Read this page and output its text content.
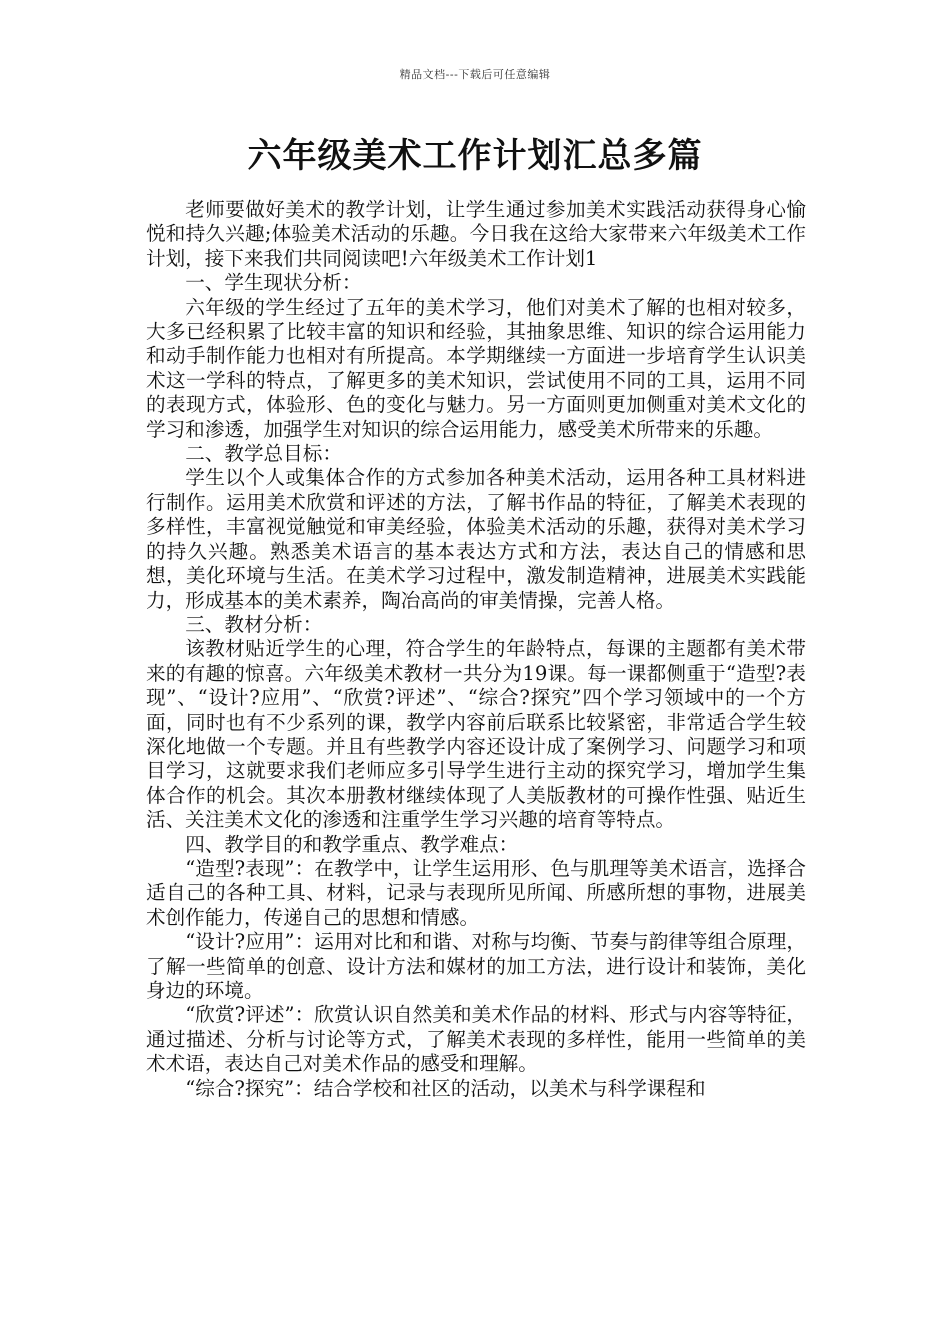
精品文档---下载后可任意编辑
六年级美术工作计划汇总多篇

老师要做好美术的教学计划，让学生通过参加美术实践活动获得身心愉悦和持久兴趣;体验美术活动的乐趣。今日我在这给大家带来六年级美术工作计划，接下来我们共同阅读吧!六年级美术工作计划1

一、学生现状分析：

六年级的学生经过了五年的美术学习，他们对美术了解的也相对较多，大多已经积累了比较丰富的知识和经验，其抽象思维、知识的综合运用能力和动手制作能力也相对有所提高。本学期继续一方面进一步培育学生认识美术这一学科的特点，了解更多的美术知识，尝试使用不同的工具，运用不同的表现方式，体验形、色的变化与魅力。另一方面则更加侧重对美术文化的学习和渗透，加强学生对知识的综合运用能力，感受美术所带来的乐趣。

二、教学总目标：

学生以个人或集体合作的方式参加各种美术活动，运用各种工具材料进行制作。运用美术欣赏和评述的方法，了解书作品的特征，了解美术表现的多样性，丰富视觉触觉和审美经验，体验美术活动的乐趣，获得对美术学习的持久兴趣。熟悉美术语言的基本表达方式和方法，表达自己的情感和思想，美化环境与生活。在美术学习过程中，激发制造精神，进展美术实践能力，形成基本的美术素养，陶冶高尚的审美情操，完善人格。

三、教材分析：

该教材贴近学生的心理，符合学生的年龄特点，每课的主题都有美术带来的有趣的惊喜。六年级美术教材一共分为19课。每一课都侧重于“造型?表现”、“设计?应用”、“欣赏?评述”、“综合?探究”四个学习领域中的一个方面，同时也有不少系列的课，教学内容前后联系比较紧密，非常适合学生较深化地做一个专题。并且有些教学内容还设计成了案例学习、问题学习和项目学习，这就要求我们老师应多引导学生进行主动的探究学习，增加学生集体合作的机会。其次本册教材继续体现了人美版教材的可操作性强、贴近生活、关注美术文化的渗透和注重学生学习兴趣的培育等特点。

四、教学目的和教学重点、教学难点：

“造型?表现”：在教学中，让学生运用形、色与肌理等美术语言，选择合适自己的各种工具、材料，记录与表现所见所闻、所感所想的事物，进展美术创作能力，传递自己的思想和情感。

“设计?应用”：运用对比和和谐、对称与均衡、节奏与韵律等组合原理，了解一些简单的创意、设计方法和媒材的加工方法，进行设计和装饰，美化身边的环境。

“欣赏?评述”：欣赏认识自然美和美术作品的材料、形式与内容等特征，通过描述、分析与讨论等方式，了解美术表现的多样性，能用一些简单的美术术语，表达自己对美术作品的感受和理解。

“综合?探究”：结合学校和社区的活动，以美术与科学课程和
